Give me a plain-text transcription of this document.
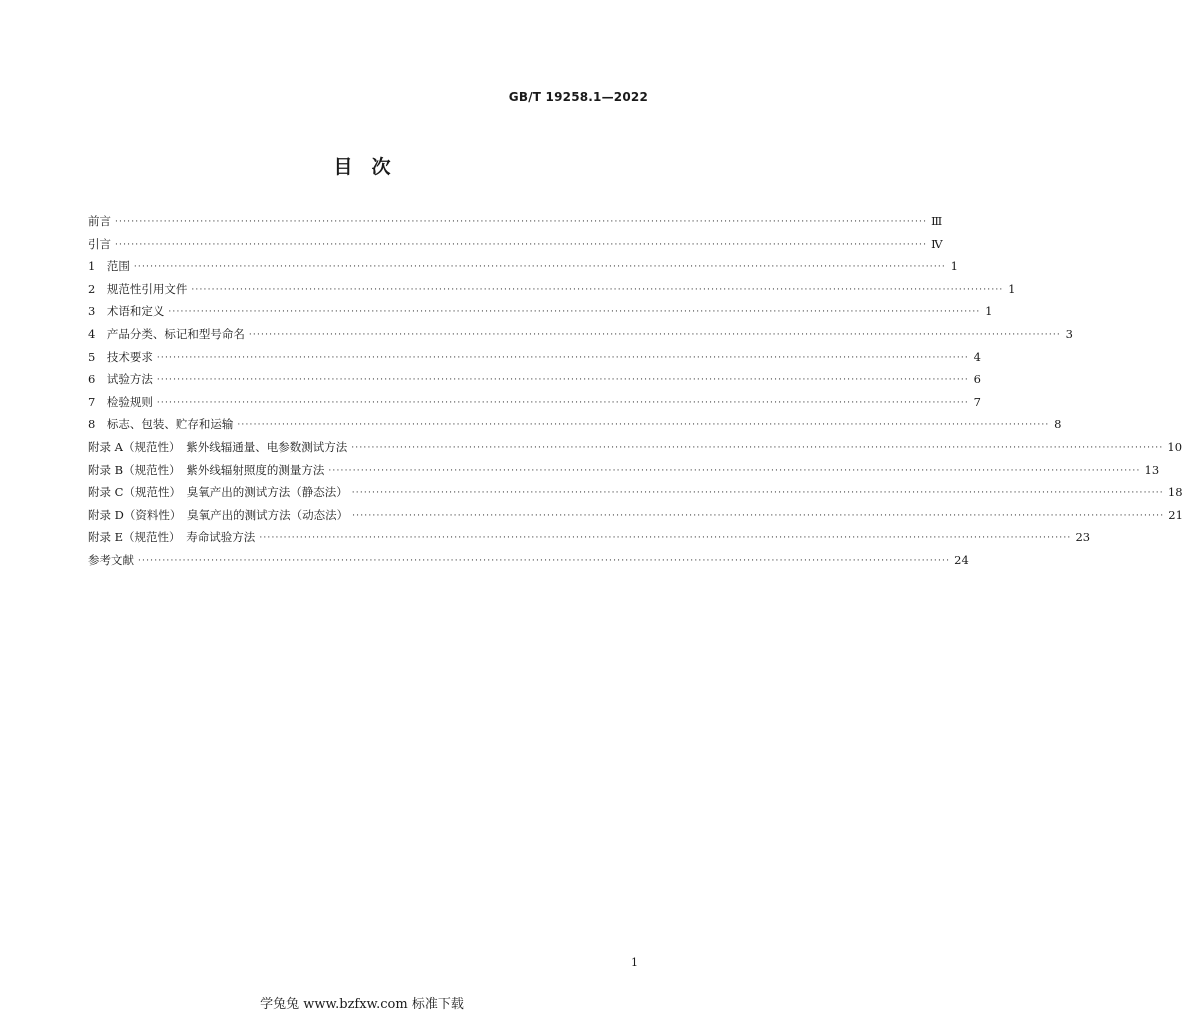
GB/T 19258.1—2022
目　次
前言 ········································································································································································································ Ⅲ
引言 ········································································································································································································ Ⅳ
1　范围 ········································································································································································································ 1
2　规范性引用文件 ········································································································································································································ 1
3　术语和定义 ········································································································································································································ 1
4　产品分类、标记和型号命名 ········································································································································································································ 3
5　技术要求 ········································································································································································································ 4
6　试验方法 ········································································································································································································ 6
7　检验规则 ········································································································································································································ 7
8　标志、包装、贮存和运输 ········································································································································································································ 8
附录 A（规范性）　紫外线辐通量、电参数测试方法 ········································································································································································································ 10
附录 B（规范性）　紫外线辐射照度的测量方法 ········································································································································································································ 13
附录 C（规范性）　臭氧产出的测试方法（静态法） ········································································································································································································ 18
附录 D（资料性）　臭氧产出的测试方法（动态法） ········································································································································································································ 21
附录 E（规范性）　寿命试验方法 ········································································································································································································ 23
参考文献 ········································································································································································································ 24
1
学兔兔 www.bzfxw.com 标准下载
